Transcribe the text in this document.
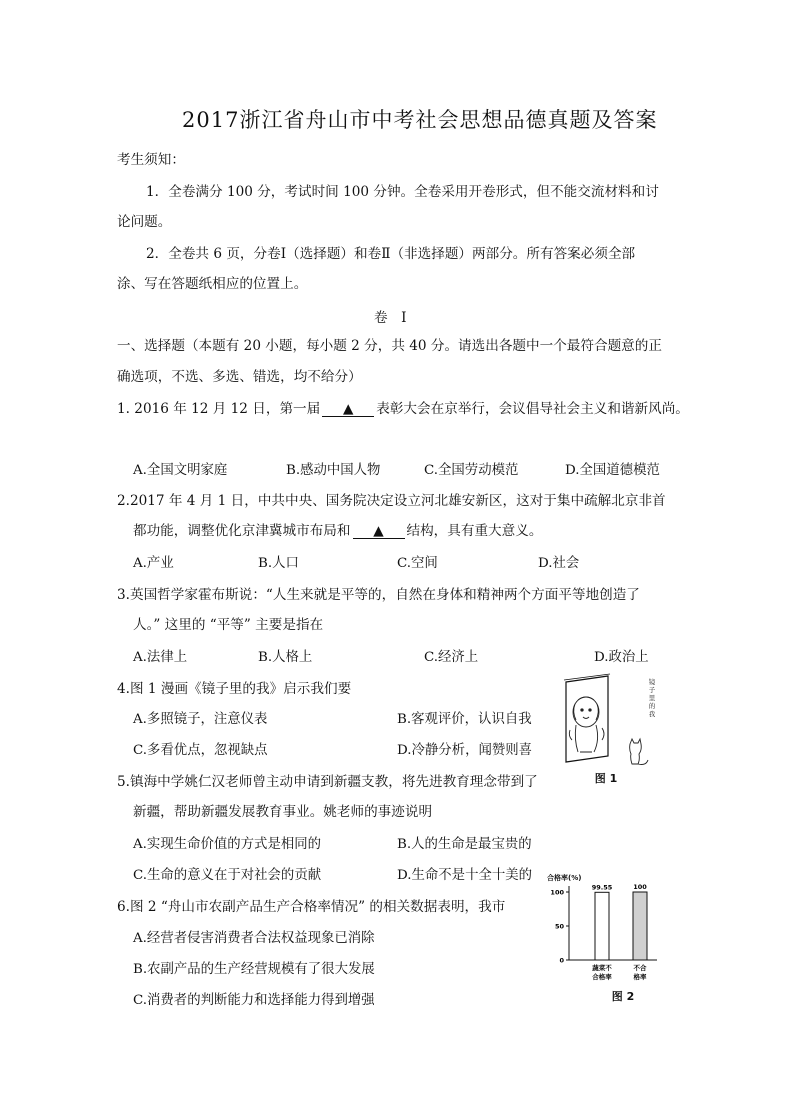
2017浙江省舟山市中考社会思想品德真题及答案
考生须知：
1．全卷满分 100 分，考试时间 100 分钟。全卷采用开卷形式，但不能交流材料和讨
论问题。
2．全卷共 6 页，分卷Ⅰ（选择题）和卷Ⅱ（非选择题）两部分。所有答案必须全部
涂、写在答题纸相应的位置上。
卷　Ⅰ
一、选择题（本题有 20 小题，每小题 2 分，共 40 分。请选出各题中一个最符合题意的正
确选项，不选、多选、错选，均不给分）
1. 2016 年 12 月 12 日，第一届 ▲ 表彰大会在京举行，会议倡导社会主义和谐新风尚。
A.全国文明家庭	B.感动中国人物	C.全国劳动模范	D.全国道德模范
2.2017 年 4 月 1 日，中共中央、国务院决定设立河北雄安新区，这对于集中疏解北京非首
都功能，调整优化京津冀城市布局和 ▲ 结构，具有重大意义。
A.产业	B.人口	C.空间	D.社会
3.英国哲学家霍布斯说：“人生来就是平等的，自然在身体和精神两个方面平等地创造了
人。” 这里的 “平等” 主要是指在
A.法律上	B.人格上	C.经济上	D.政治上
4.图 1 漫画《镜子里的我》启示我们要
A.多照镜子，注意仪表	B.客观评价，认识自我
C.多看优点，忽视缺点	D.冷静分析，闻赞则喜
镜
子
里
的
我
图 1
5.镇海中学姚仁汉老师曾主动申请到新疆支教，将先进教育理念带到了
新疆，帮助新疆发展教育事业。姚老师的事迹说明
A.实现生命价值的方式是相同的	B.人的生命是最宝贵的
C.生命的意义在于对社会的贡献	D.生命不是十全十美的
6.图 2 “舟山市农副产品生产合格率情况” 的相关数据表明，我市
A.经营者侵害消费者合法权益现象已消除
B.农副产品的生产经营规模有了很大发展
C.消费者的判断能力和选择能力得到增强
合格率(%)
100
50
0
99.55	100
蔬菜不
合格率
不合
格率
图 2
